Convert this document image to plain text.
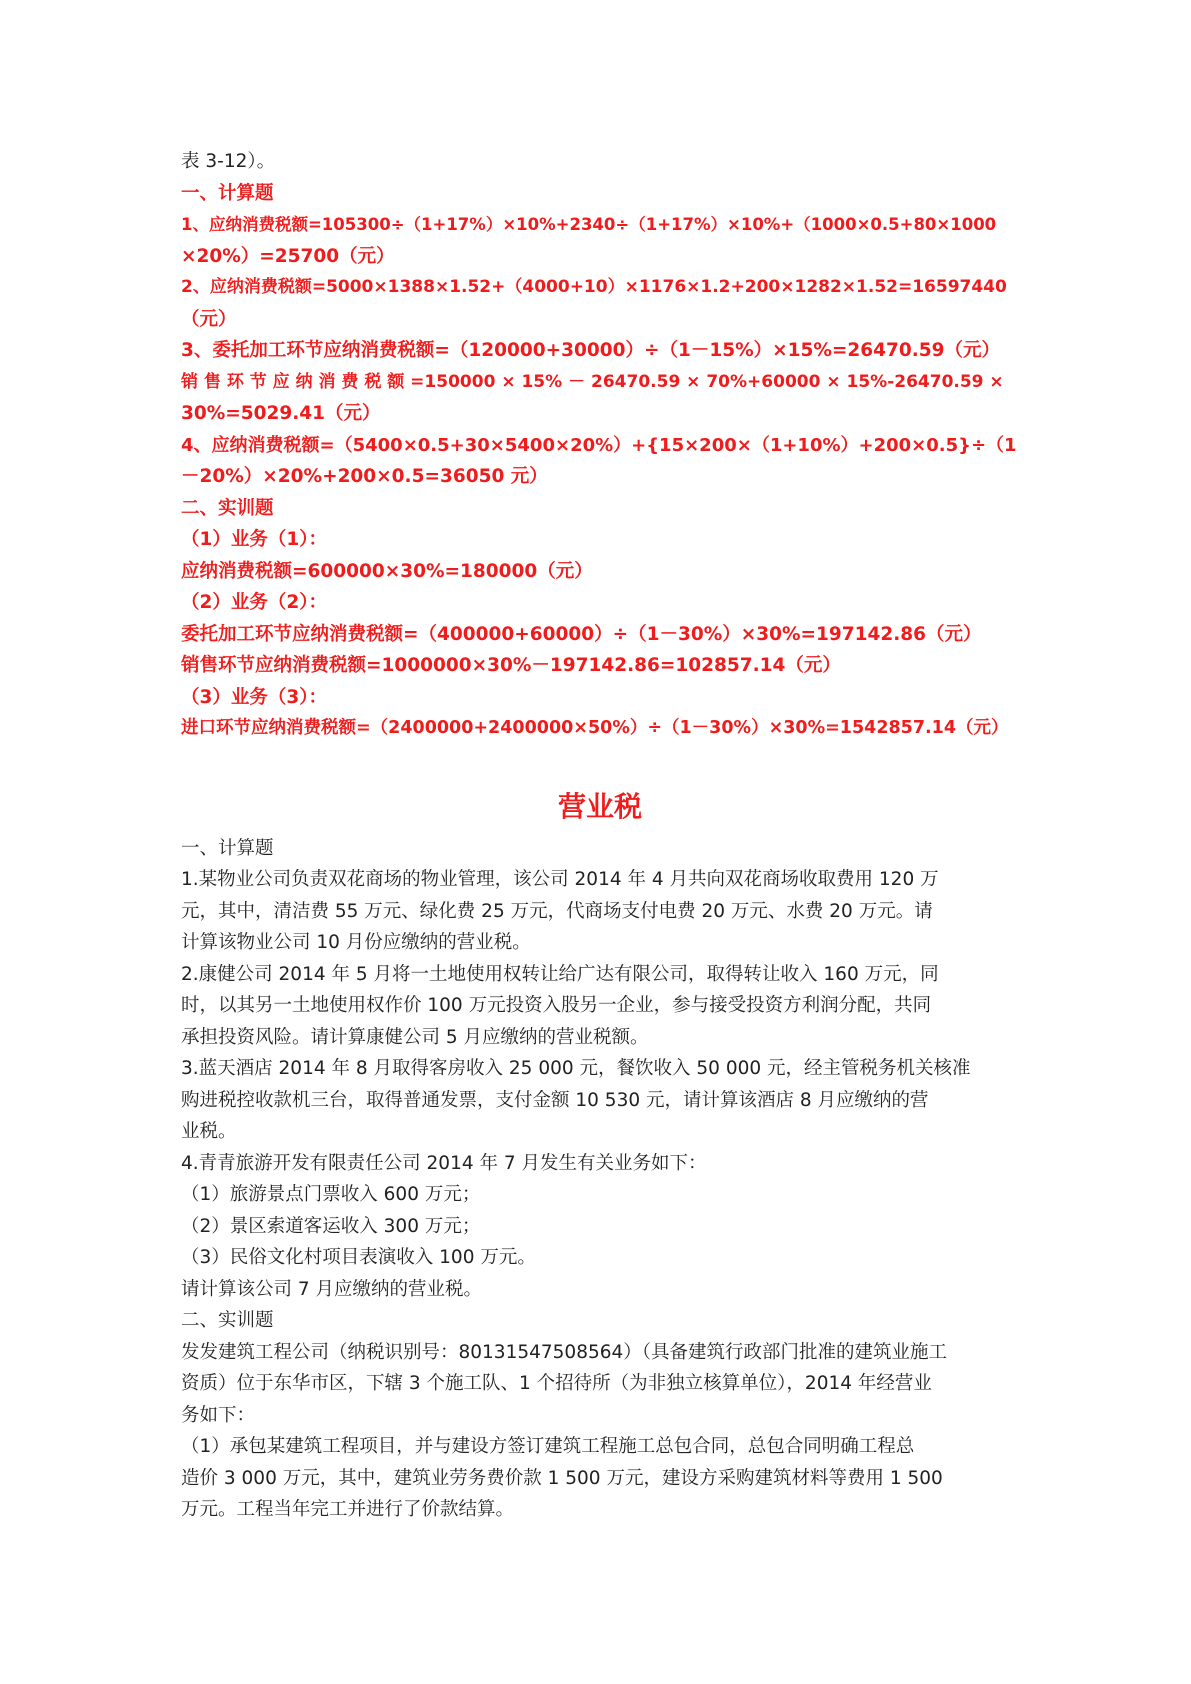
表 3-12）。
一、计算题
1、应纳消费税额=105300÷（1+17%）×10%+2340÷（1+17%）×10%+（1000×0.5+80×1000
×20%）=25700（元）
2、应纳消费税额=5000×1388×1.52+（4000+10）×1176×1.2+200×1282×1.52=16597440
（元）
3、委托加工环节应纳消费税额=（120000+30000）÷（1－15%）×15%=26470.59（元）
销 售 环 节 应 纳 消 费 税 额 =150000 × 15% － 26470.59 × 70%+60000 × 15%-26470.59 ×
30%=5029.41（元）
4、应纳消费税额=（5400×0.5+30×5400×20%）+{15×200×（1+10%）+200×0.5}÷（1
－20%）×20%+200×0.5=36050 元）
二、实训题
（1）业务（1）：
应纳消费税额=600000×30%=180000（元）
（2）业务（2）：
委托加工环节应纳消费税额=（400000+60000）÷（1－30%）×30%=197142.86（元）
销售环节应纳消费税额=1000000×30%－197142.86=102857.14（元）
（3）业务（3）：
进口环节应纳消费税额=（2400000+2400000×50%）÷（1－30%）×30%=1542857.14（元）
营业税
一、计算题
1.某物业公司负责双花商场的物业管理，该公司 2014 年 4 月共向双花商场收取费用 120 万
元，其中，清洁费 55 万元、绿化费 25 万元，代商场支付电费 20 万元、水费 20 万元。请
计算该物业公司 10 月份应缴纳的营业税。
2.康健公司 2014 年 5 月将一土地使用权转让给广达有限公司，取得转让收入 160 万元，同
时，以其另一土地使用权作价 100 万元投资入股另一企业，参与接受投资方利润分配，共同
承担投资风险。请计算康健公司 5 月应缴纳的营业税额。
3.蓝天酒店 2014 年 8 月取得客房收入 25 000 元，餐饮收入 50 000 元，经主管税务机关核准
购进税控收款机三台，取得普通发票，支付金额 10 530 元，请计算该酒店 8 月应缴纳的营
业税。
4.青青旅游开发有限责任公司 2014 年 7 月发生有关业务如下：
（1）旅游景点门票收入 600 万元；
（2）景区索道客运收入 300 万元；
（3）民俗文化村项目表演收入 100 万元。
请计算该公司 7 月应缴纳的营业税。
二、实训题
发发建筑工程公司（纳税识别号：80131547508564）（具备建筑行政部门批准的建筑业施工
资质）位于东华市区，下辖 3 个施工队、1 个招待所（为非独立核算单位），2014 年经营业
务如下：
（1）承包某建筑工程项目，并与建设方签订建筑工程施工总包合同，总包合同明确工程总
造价 3 000 万元，其中，建筑业劳务费价款 1 500 万元，建设方采购建筑材料等费用 1 500
万元。工程当年完工并进行了价款结算。
